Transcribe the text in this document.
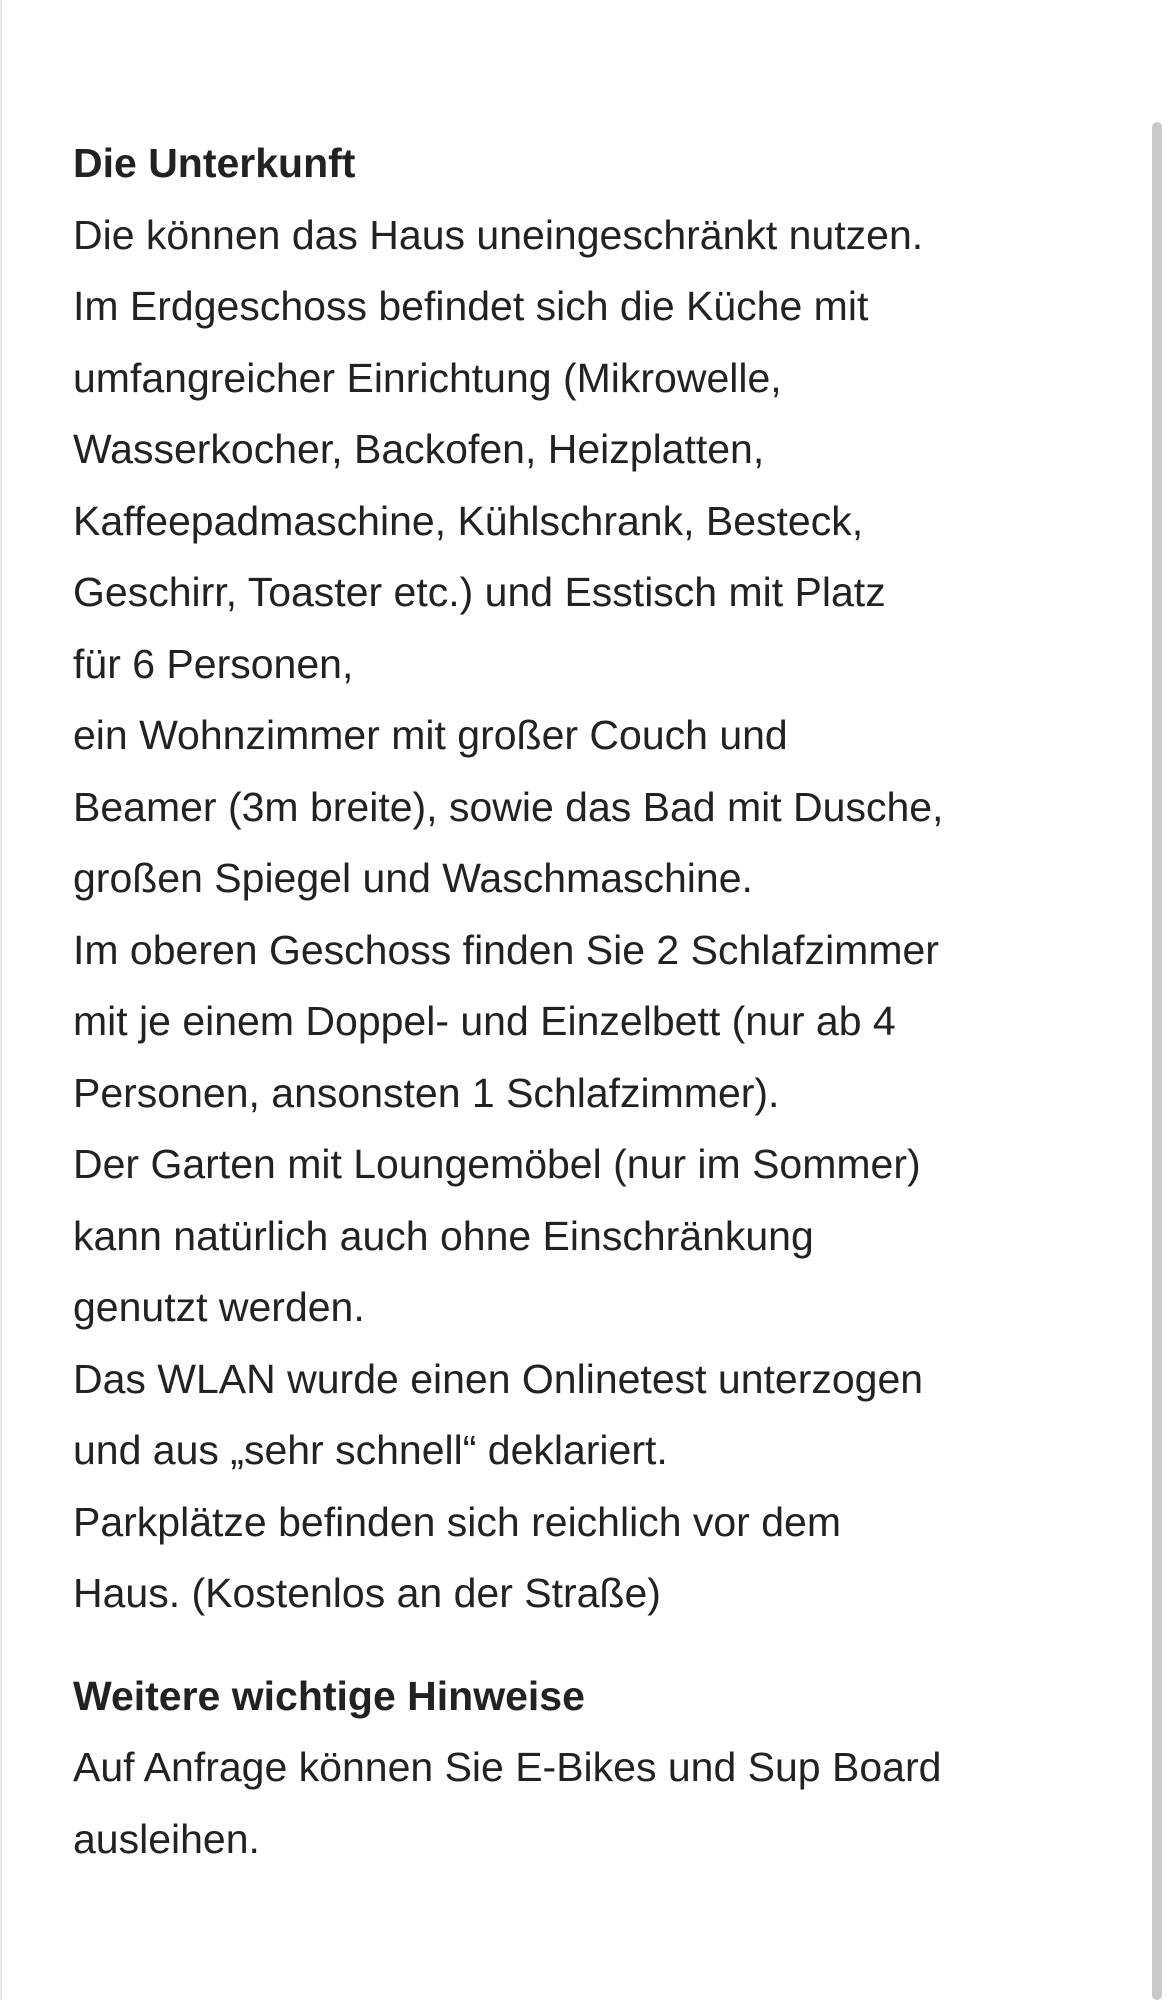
Die Unterkunft

Die können das Haus uneingeschränkt nutzen.

Im Erdgeschoss befindet sich die Küche mit

umfangreicher Einrichtung (Mikrowelle,

Wasserkocher, Backofen, Heizplatten,

Kaffeepadmaschine, Kühlschrank, Besteck,

Geschirr, Toaster etc.) und Esstisch mit Platz

für 6 Personen,

ein Wohnzimmer mit großer Couch und

Beamer (3m breite), sowie das Bad mit Dusche,

großen Spiegel und Waschmaschine.

Im oberen Geschoss finden Sie 2 Schlafzimmer

mit je einem Doppel- und Einzelbett (nur ab 4

Personen, ansonsten 1 Schlafzimmer).

Der Garten mit Loungemöbel (nur im Sommer)

kann natürlich auch ohne Einschränkung

genutzt werden.

Das WLAN wurde einen Onlinetest unterzogen

und aus „sehr schnell“ deklariert.

Parkplätze befinden sich reichlich vor dem

Haus. (Kostenlos an der Straße)

Weitere wichtige Hinweise

Auf Anfrage können Sie E-Bikes und Sup Board

ausleihen.
